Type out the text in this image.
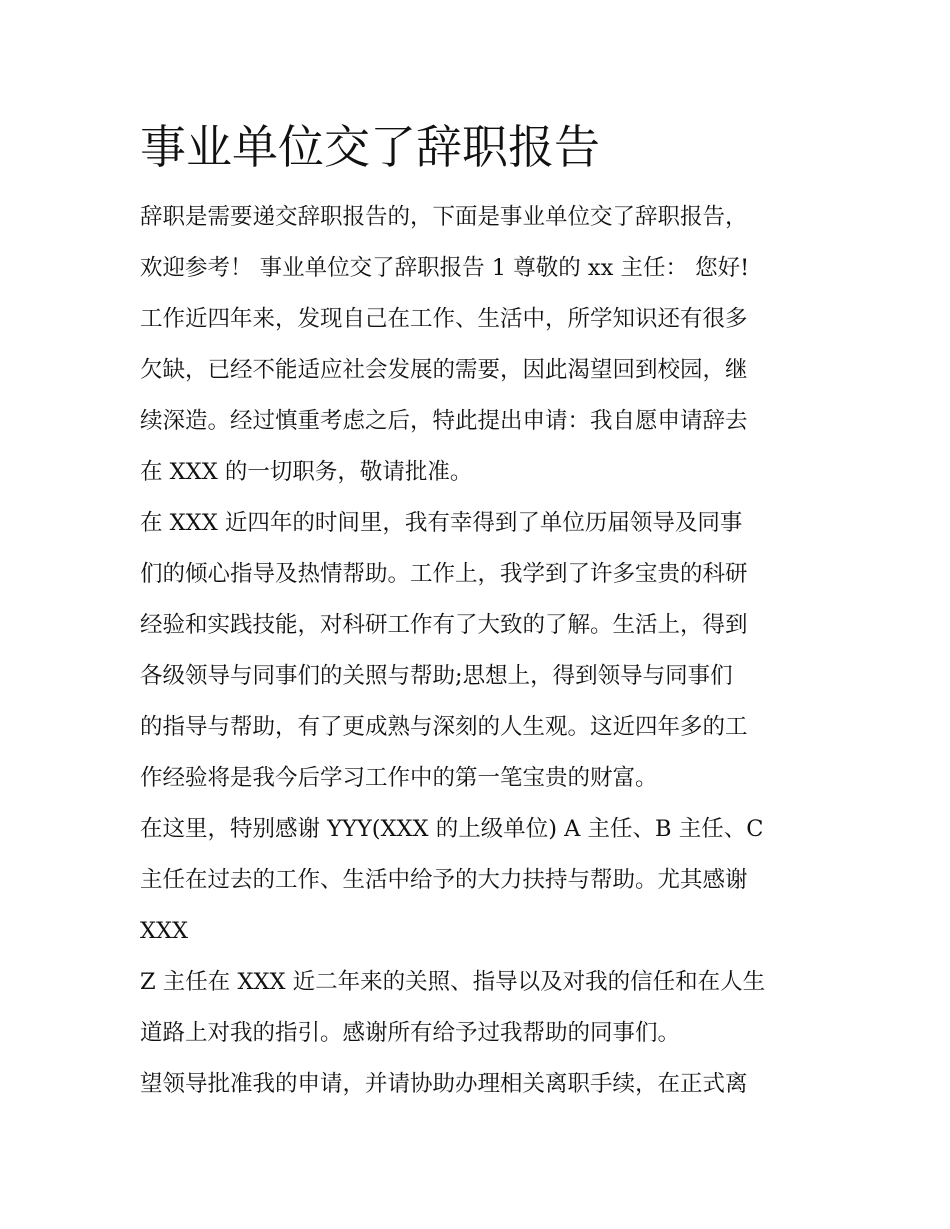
事业单位交了辞职报告
辞职是需要递交辞职报告的，下面是事业单位交了辞职报告，
欢迎参考！ 事业单位交了辞职报告 1 尊敬的 xx 主任： 您好!
工作近四年来，发现自己在工作、生活中，所学知识还有很多
欠缺，已经不能适应社会发展的需要，因此渴望回到校园，继
续深造。经过慎重考虑之后，特此提出申请：我自愿申请辞去
在 XXX 的一切职务，敬请批准。
在 XXX 近四年的时间里，我有幸得到了单位历届领导及同事
们的倾心指导及热情帮助。工作上，我学到了许多宝贵的科研
经验和实践技能，对科研工作有了大致的了解。生活上，得到
各级领导与同事们的关照与帮助;思想上，得到领导与同事们
的指导与帮助，有了更成熟与深刻的人生观。这近四年多的工
作经验将是我今后学习工作中的第一笔宝贵的财富。
在这里，特别感谢 YYY(XXX 的上级单位) A 主任、B 主任、C
主任在过去的工作、生活中给予的大力扶持与帮助。尤其感谢
XXX
Z 主任在 XXX 近二年来的关照、指导以及对我的信任和在人生
道路上对我的指引。感谢所有给予过我帮助的同事们。
望领导批准我的申请，并请协助办理相关离职手续，在正式离
